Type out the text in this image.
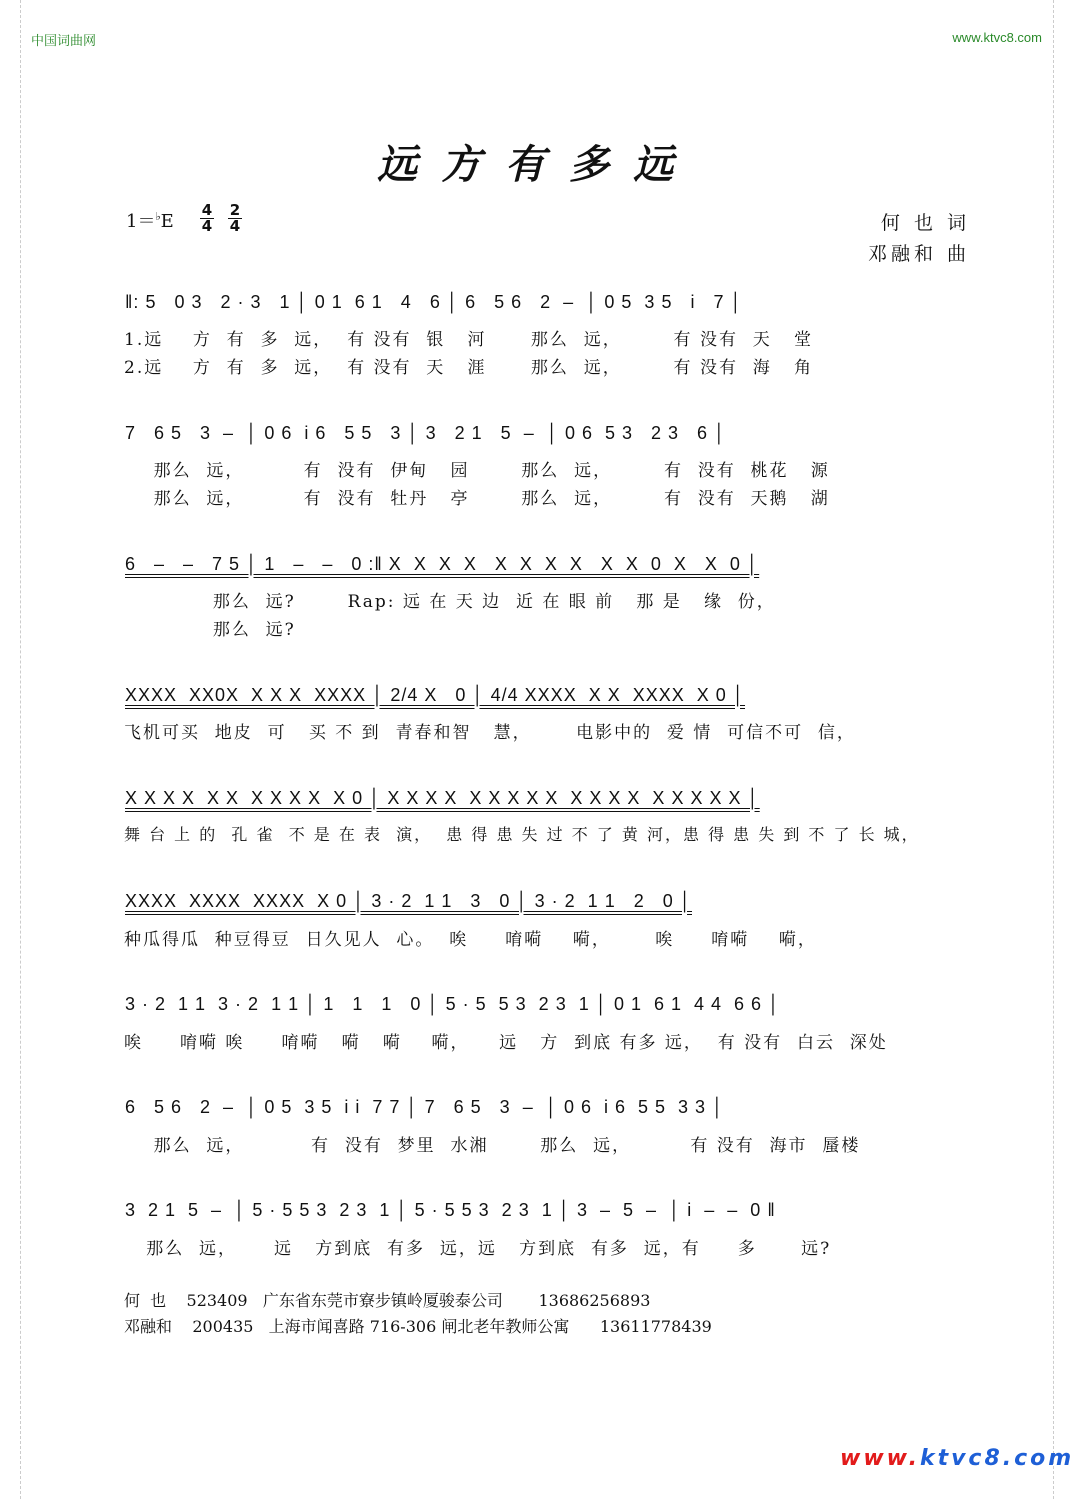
中国词曲网	www.ktvc8.com
远方有多远
1＝♭E
4
4
2
4	何 也 词
邓融和 曲
‖: 5   0 3   2 · 3   1 │ 0 1  6 1   4   6 │ 6   5 6   2  –  │ 0 5  3 5   i   7 │
1.远    方  有  多  远，  有 没有  银   河      那么  远，       有 没有  天   堂
2.远    方  有  多  远，  有 没有  天   涯      那么  远，       有 没有  海   角
7   6 5   3  –  │ 0 6  i 6   5 5   3 │ 3   2 1   5  –  │ 0 6  5 3   2 3   6 │
那么  远，        有  没有  伊甸   园       那么  远，       有  没有  桃花   源
那么  远，        有  没有  牡丹   亭       那么  远，       有  没有  天鹅   湖
6   –   –   7 5 │ 1   –   –   0 :‖ X  X  X  X   X  X  X  X   X  X  0  X   X  0 │
那么  远?       Rap: 远 在 天 边  近 在 眼 前   那 是   缘  份，
那么  远?
XXXX  XX0X  X X X  XXXX │ 2/4 X   0 │ 4/4 XXXX  X X  XXXX  X 0 │
飞机可买  地皮  可   买 不 到  青春和智   慧，      电影中的  爱 情  可信不可  信，
X X X X  X X  X X X X  X 0 │ X X X X  X X X X X  X X X X  X X X X X │
舞 台 上 的  孔 雀  不 是 在 表  演，  患 得 患 失 过 不 了 黄 河，患 得 患 失 到 不 了 长 城，
XXXX  XXXX  XXXX  X 0 │ 3 · 2  1 1   3   0 │ 3 · 2  1 1   2   0 │
种瓜得瓜  种豆得豆  日久见人  心。  唉     唷嗬    嗬，      唉     唷嗬    嗬，
3 · 2  1 1  3 · 2  1 1 │ 1   1   1   0 │ 5 · 5  5 3  2 3  1 │ 0 1  6 1  4 4  6 6 │
唉     唷嗬 唉     唷嗬   嗬   嗬    嗬，    远   方  到底 有多 远，  有 没有  白云  深处
6   5 6   2  –  │ 0 5  3 5  i i  7 7 │ 7   6 5   3  –  │ 0 6  i 6  5 5  3 3 │
那么  远，         有  没有  梦里  水湘       那么  远，        有 没有  海市  蜃楼
3  2 1  5  –  │ 5 · 5 5 3  2 3  1 │ 5 · 5 5 3  2 3  1 │ 3  –  5  –  │ i  –  –  0 ‖
那么  远，     远   方到底  有多  远，远   方到底  有多  远，有     多      远?
何  也    523409   广东省东莞市寮步镇岭厦骏泰公司       13686256893
邓融和    200435   上海市闻喜路 716-306 闸北老年教师公寓      13611778439
www.ktvc8.com
